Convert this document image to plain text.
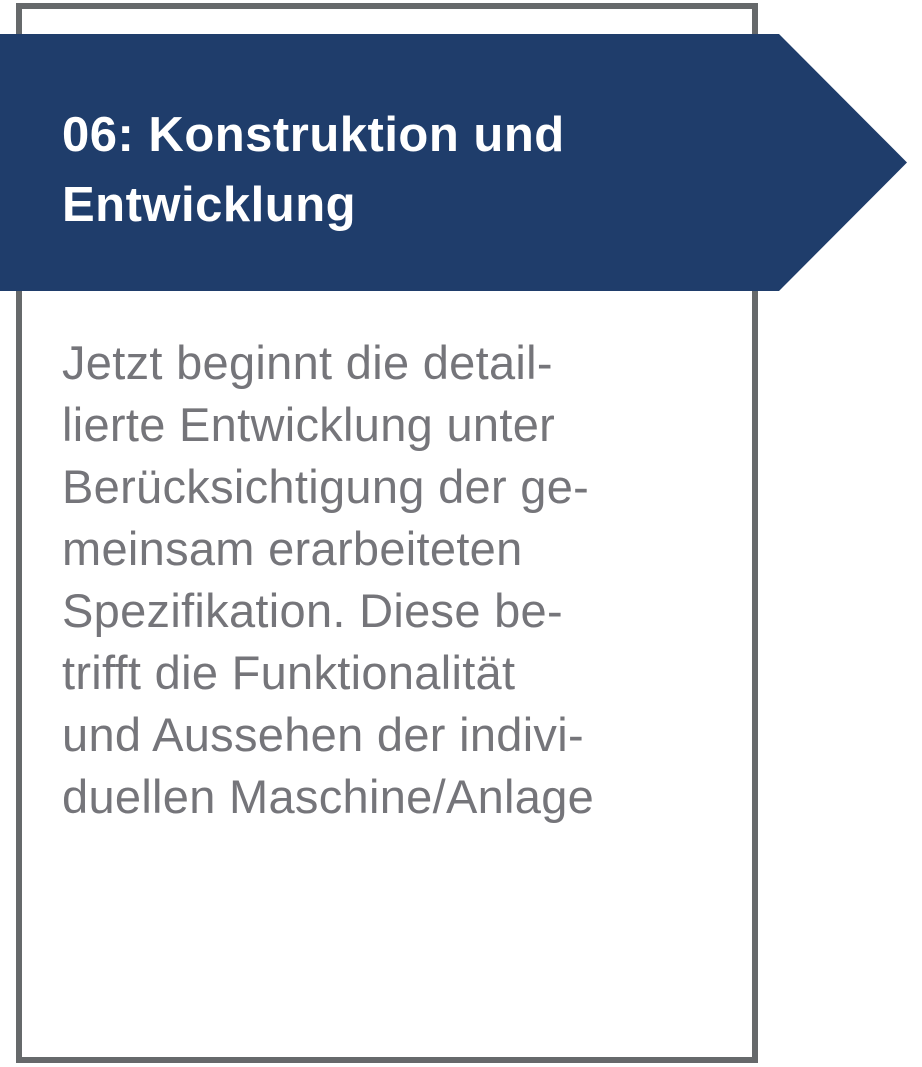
06: Konstruktion und
Entwicklung
Jetzt beginnt die detail-
lierte Entwicklung unter
Berücksichtigung der ge-
meinsam erarbeiteten
Spezifikation. Diese be-
trifft die Funktionalität
und Aussehen der indivi-
duellen Maschine/Anlage
